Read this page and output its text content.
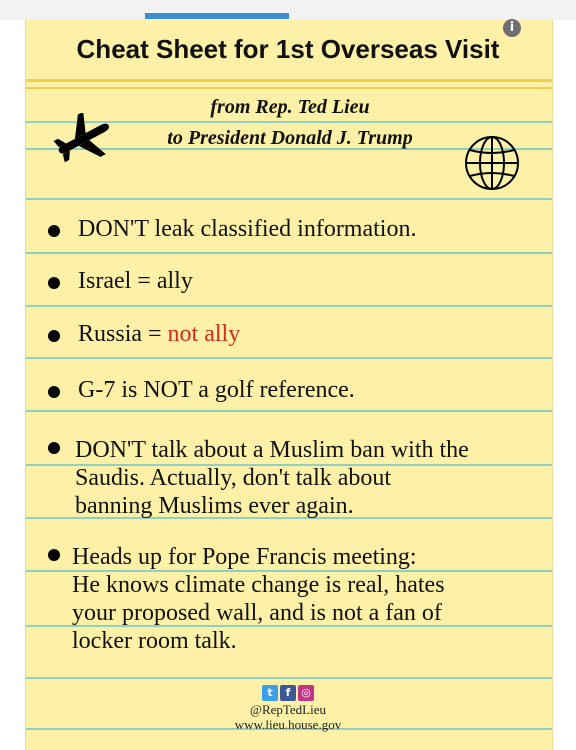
i
Cheat Sheet for 1st Overseas Visit
from Rep. Ted Lieu
to President Donald J. Trump
DON'T leak classified information.
Israel = ally
Russia = not ally
G-7 is NOT a golf reference.
DON'T talk about a Muslim ban with the
Saudis. Actually, don't talk about
banning Muslims ever again.
Heads up for Pope Francis meeting:
He knows climate change is real, hates
your proposed wall, and is not a fan of
locker room talk.
t	f ◎
@RepTedLieu
www.lieu.house.gov
